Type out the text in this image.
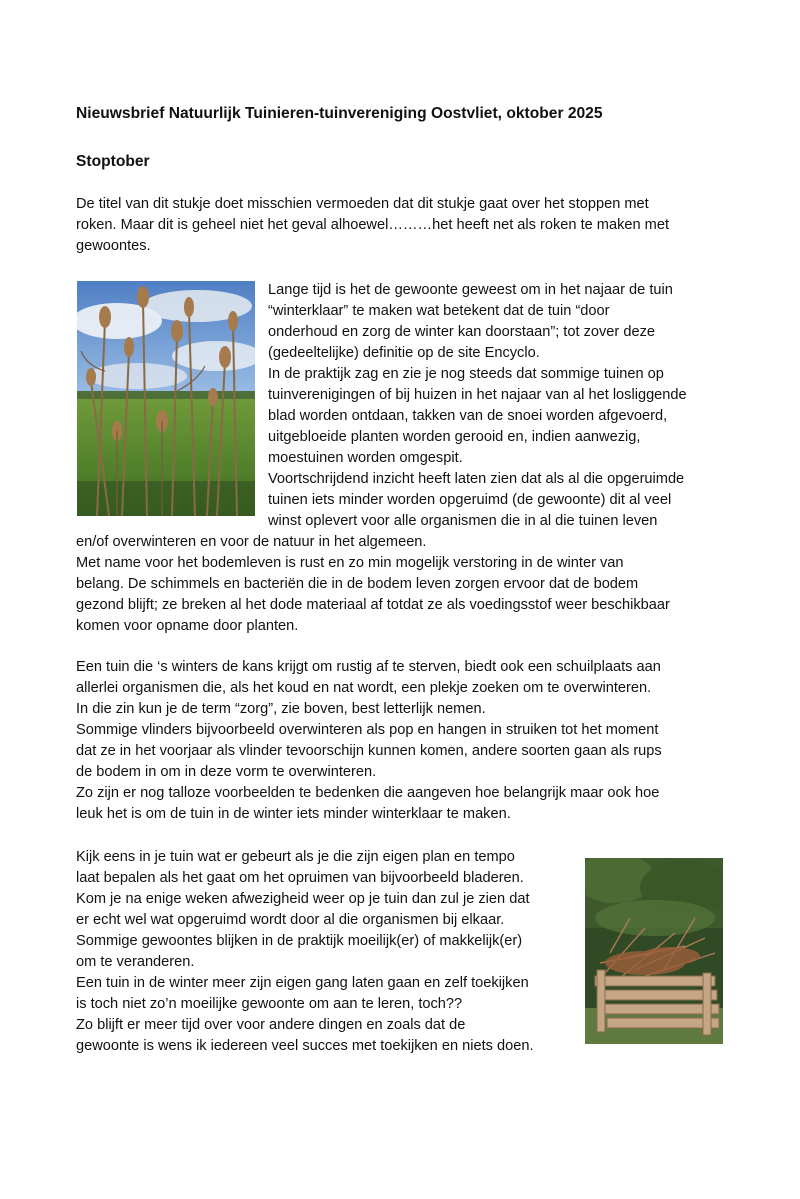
Nieuwsbrief Natuurlijk Tuinieren-tuinvereniging Oostvliet, oktober 2025
Stoptober
De titel van dit stukje doet misschien vermoeden dat dit stukje gaat over het stoppen met
roken. Maar dit is geheel niet het geval alhoewel………het heeft net als roken te maken met
gewoontes.
Lange tijd is het de gewoonte geweest om in het najaar de tuin
“winterklaar” te maken wat betekent dat de tuin “door
onderhoud en zorg de winter kan doorstaan”; tot zover deze
(gedeeltelijke) definitie op de site Encyclo.
In de praktijk zag en zie je nog steeds dat sommige tuinen op
tuinverenigingen of bij huizen in het najaar van al het losliggende
blad worden ontdaan, takken van de snoei worden afgevoerd,
uitgebloeide planten worden gerooid en, indien aanwezig,
moestuinen worden omgespit.
Voortschrijdend inzicht heeft laten zien dat als al die opgeruimde
tuinen iets minder worden opgeruimd (de gewoonte) dit al veel
winst oplevert voor alle organismen die in al die tuinen leven
en/of overwinteren en voor de natuur in het algemeen.
Met name voor het bodemleven is rust en zo min mogelijk verstoring in de winter van
belang. De schimmels en bacteriën die in de bodem leven zorgen ervoor dat de bodem
gezond blijft; ze breken al het dode materiaal af totdat ze als voedingsstof weer beschikbaar
komen voor opname door planten.
Een tuin die ‘s winters de kans krijgt om rustig af te sterven, biedt ook een schuilplaats aan
allerlei organismen die, als het koud en nat wordt, een plekje zoeken om te overwinteren.
In die zin kun je de term “zorg”, zie boven, best letterlijk nemen.
Sommige vlinders bijvoorbeeld overwinteren als pop en hangen in struiken tot het moment
dat ze in het voorjaar als vlinder tevoorschijn kunnen komen, andere soorten gaan als rups
de bodem in om in deze vorm te overwinteren.
Zo zijn er nog talloze voorbeelden te bedenken die aangeven hoe belangrijk maar ook hoe
leuk het is om de tuin in de winter iets minder winterklaar te maken.
Kijk eens in je tuin wat er gebeurt als je die zijn eigen plan en tempo
laat bepalen als het gaat om het opruimen van bijvoorbeeld bladeren.
Kom je na enige weken afwezigheid weer op je tuin dan zul je zien dat
er echt wel wat opgeruimd wordt door al die organismen bij elkaar.
Sommige gewoontes blijken in de praktijk moeilijk(er) of makkelijk(er)
om te veranderen.
Een tuin in de winter meer zijn eigen gang laten gaan en zelf toekijken
is toch niet zo’n moeilijke gewoonte om aan te leren, toch??
Zo blijft er meer tijd over voor andere dingen en zoals dat de
gewoonte is wens ik iedereen veel succes met toekijken en niets doen.
